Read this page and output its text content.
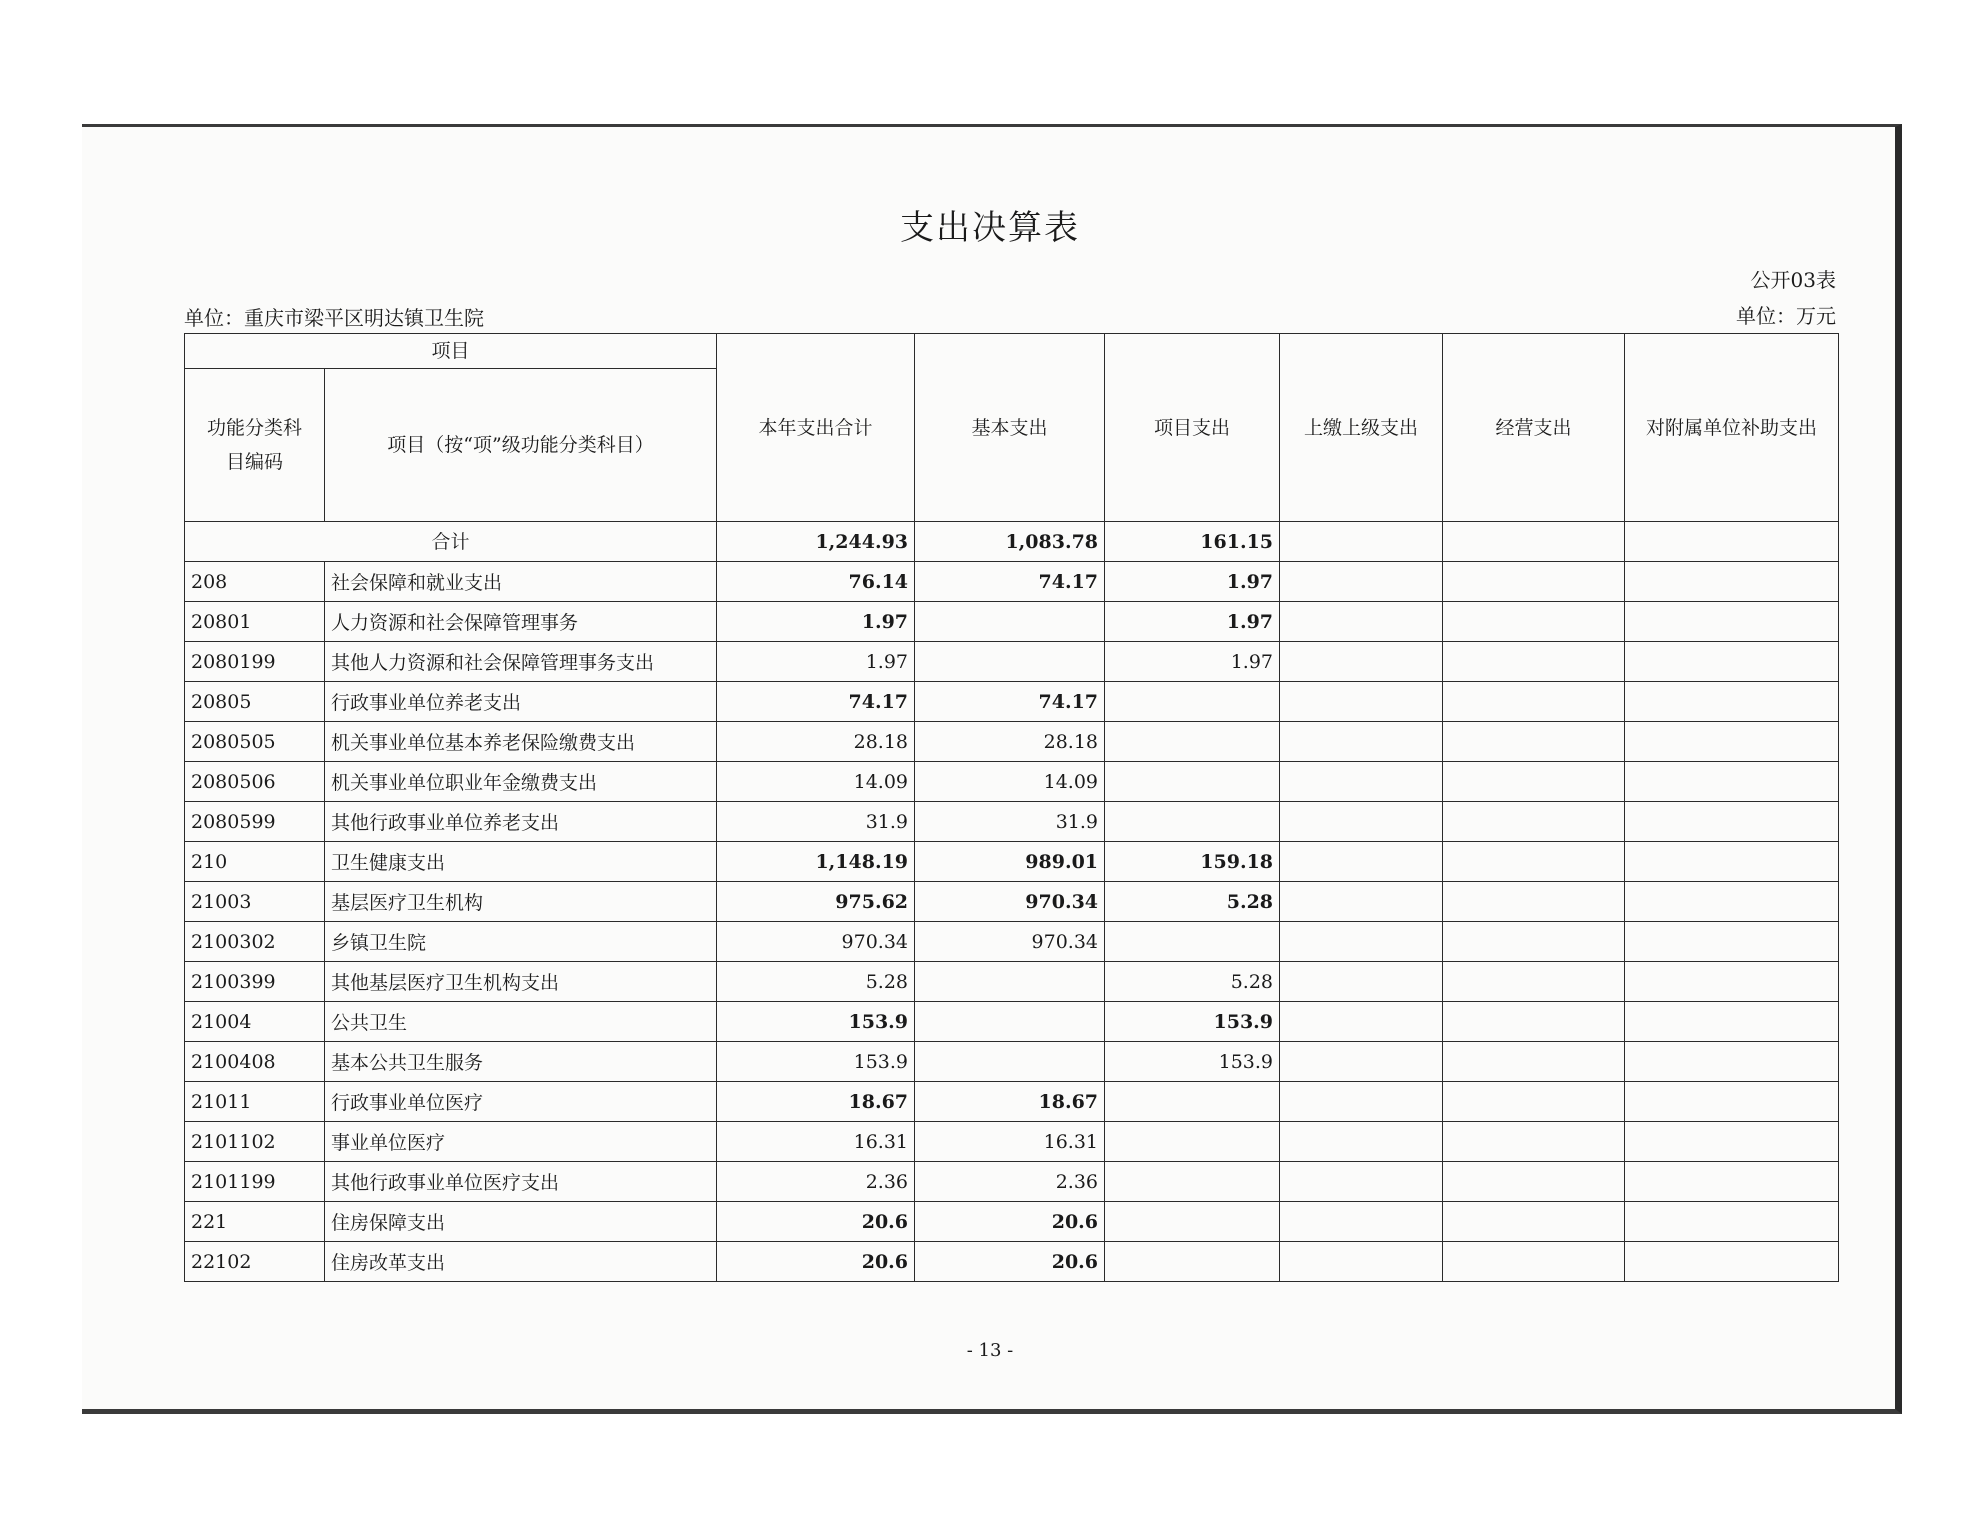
支出决算表
公开03表
单位：重庆市梁平区明达镇卫生院	单位：万元
项目		本年支出合计	基本支出	项目支出	上缴上级支出	经营支出	对附属单位补助支出
功能分类科目编码	项目（按“项”级功能分类科目）						
合计		1,244.93	1,083.78	161.15			
208	社会保障和就业支出	76.14	74.17	1.97			
20801	人力资源和社会保障管理事务	1.97		1.97			
2080199	其他人力资源和社会保障管理事务支出	1.97		1.97			
20805	行政事业单位养老支出	74.17	74.17				
2080505	机关事业单位基本养老保险缴费支出	28.18	28.18				
2080506	机关事业单位职业年金缴费支出	14.09	14.09				
2080599	其他行政事业单位养老支出	31.9	31.9				
210	卫生健康支出	1,148.19	989.01	159.18			
21003	基层医疗卫生机构	975.62	970.34	5.28			
2100302	乡镇卫生院	970.34	970.34				
2100399	其他基层医疗卫生机构支出	5.28		5.28			
21004	公共卫生	153.9		153.9			
2100408	基本公共卫生服务	153.9		153.9			
21011	行政事业单位医疗	18.67	18.67				
2101102	事业单位医疗	16.31	16.31				
2101199	其他行政事业单位医疗支出	2.36	2.36				
221	住房保障支出	20.6	20.6				
22102	住房改革支出	20.6	20.6				
- 13 -
